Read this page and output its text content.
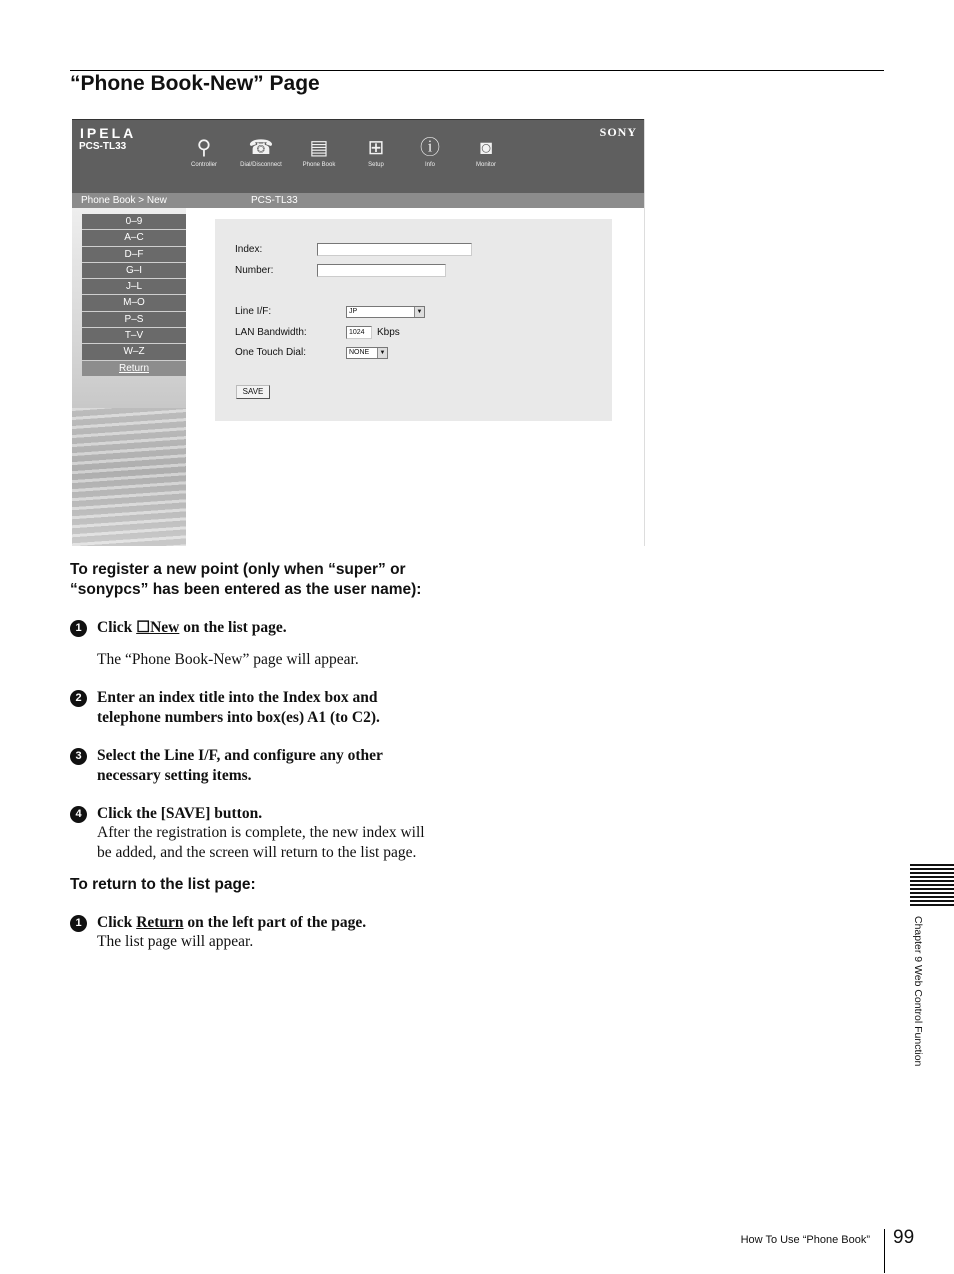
“Phone Book-New” Page
IPELA
PCS-TL33
SONY
⚲
Controller
☎
Dial/Disconnect
▤
Phone Book
⊞
Setup
ⓘ
Info
◙
Monitor
Phone Book > New	PCS-TL33
0–9
A–C
D–F
G–I
J–L
M–O
P–S
T–V
W–Z
Return
Index:
Number:
Line I/F:	JP	▼
LAN Bandwidth:	1024	Kbps
One Touch Dial:	NONE	▼
SAVE
To register a new point (only when “super” or
“sonypcs” has been entered as the user name):
1 Click ☐New on the list page.
The “Phone Book-New” page will appear.
2 Enter an index title into the Index box and
telephone numbers into box(es) A1 (to C2).
3 Select the Line I/F, and configure any other
necessary setting items.
4 Click the [SAVE] button.
After the registration is complete, the new index will
be added, and the screen will return to the list page.
To return to the list page:
1 Click Return on the left part of the page.
The list page will appear.	Chapter 9 Web Control Function
How To Use “Phone Book” 99
